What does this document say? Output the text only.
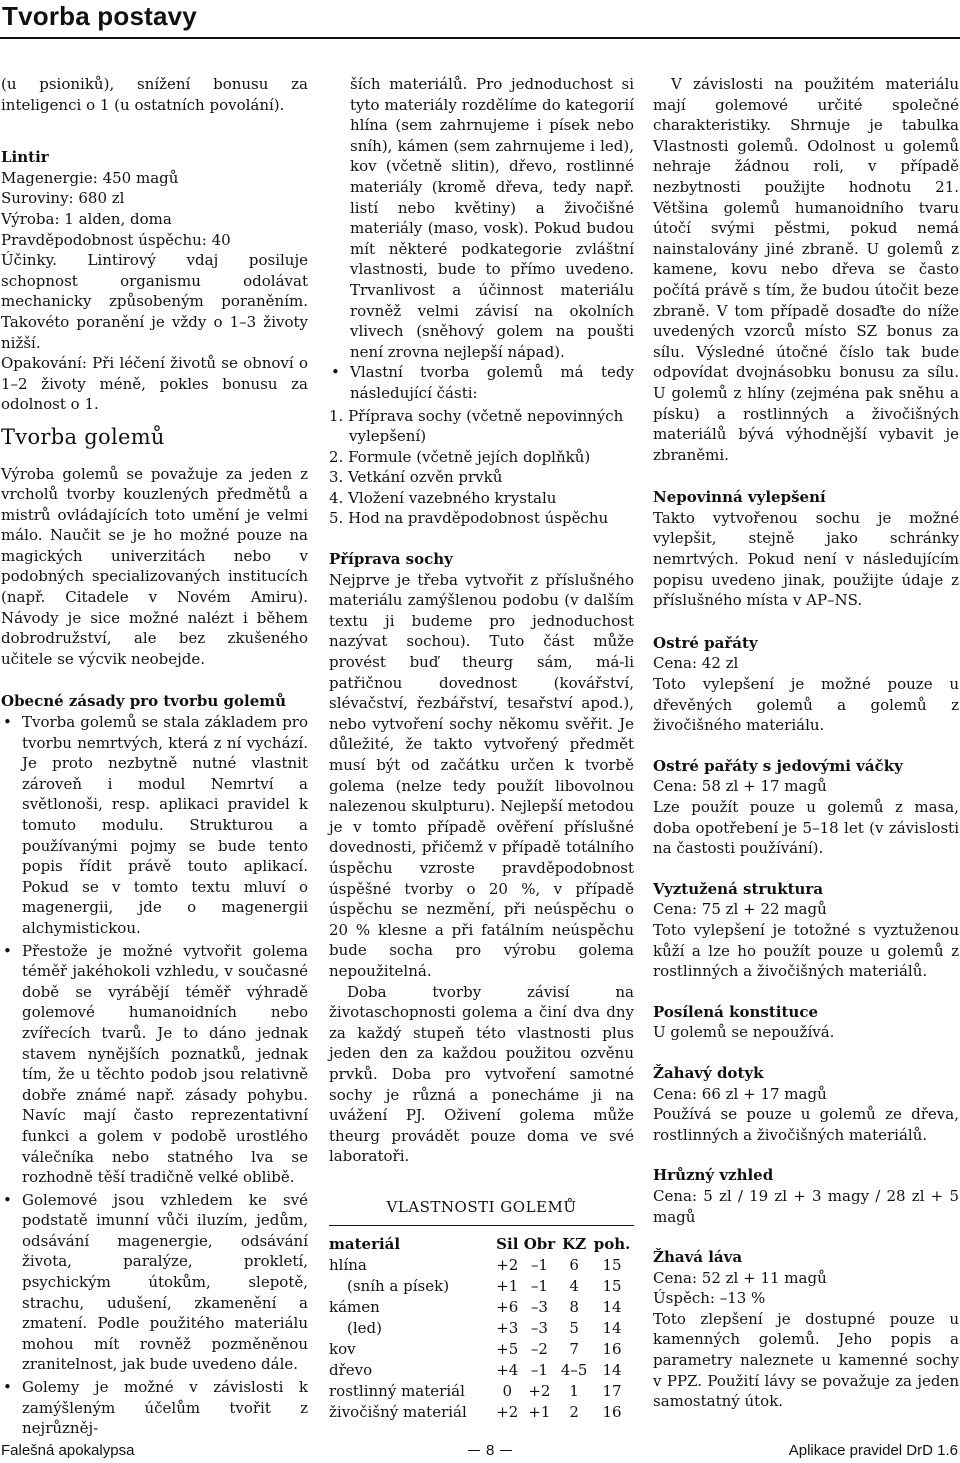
Tvorba postavy

(u psioniků), snížení bonusu za inteligenci o 1 (u ostatních povolání).

Lintir
Magenergie: 450 magů
Suroviny: 680 zl
Výroba: 1 alden, doma
Pravděpodobnost úspěchu: 40

Účinky. Lintirový vdaj posiluje schopnost organismu odolávat mechanicky způsobeným poraněním. Takovéto poranění je vždy o 1–3 životy nižší.

Opakování: Při léčení životů se obnoví o 1–2 životy méně, pokles bonusu za odolnost o 1.

Tvorba golemů

Výroba golemů se považuje za jeden z vrcholů tvorby kouzlených předmětů a mistrů ovládajících toto umění je velmi málo. Naučit se je ho možné pouze na magických univerzitách nebo v podobných specializovaných institucích (např. Citadele v Novém Amiru). Návody je sice možné nalézt i během dobrodružství, ale bez zkušeného učitele se výcvik neobejde.

Obecné zásady pro tvorbu golemů
• Tvorba golemů se stala základem pro tvorbu nemrtvých, která z ní vychází. Je proto nezbytně nutné vlastnit zároveň i modul Nemrtví a světlonoši, resp. aplikaci pravidel k tomuto modulu. Strukturou a používanými pojmy se bude tento popis řídit právě touto aplikací. Pokud se v tomto textu mluví o magenergii, jde o magenergii alchymistickou.
• Přestože je možné vytvořit golema téměř jakéhokoli vzhledu, v současné době se vyrábějí téměř výhradě golemové humanoidních nebo zvířecích tvarů. Je to dáno jednak stavem nynějších poznatků, jednak tím, že u těchto podob jsou relativně dobře známé např. zásady pohybu. Navíc mají často reprezentativní funkci a golem v podobě urostlého válečníka nebo statného lva se rozhodně těší tradičně velké oblibě.
• Golemové jsou vzhledem ke své podstatě imunní vůči iluzím, jedům, odsávání magenergie, odsávání života, paralýze, prokletí, psychickým útokům, slepotě, strachu, udušení, zkamenění a zmatení. Podle použitého materiálu mohou mít rovněž pozměněnou zranitelnost, jak bude uvedeno dále.
• Golemy je možné v závislosti k zamýšleným účelům tvořit z nejrůzněj-

ších materiálů. Pro jednoduchost si tyto materiály rozdělíme do kategorií hlína (sem zahrnujeme i písek nebo sníh), kámen (sem zahrnujeme i led), kov (včetně slitin), dřevo, rostlinné materiály (kromě dřeva, tedy např. listí nebo květiny) a živočišné materiály (maso, vosk). Pokud budou mít některé podkategorie zvláštní vlastnosti, bude to přímo uvedeno. Trvanlivost a účinnost materiálu rovněž velmi závisí na okolních vlivech (sněhový golem na poušti není zrovna nejlepší nápad).

• Vlastní tvorba golemů má tedy následující části:
1. Příprava sochy (včetně nepovinných vylepšení)
2. Formule (včetně jejích doplňků)
3. Vetkání ozvěn prvků
4. Vložení vazebného krystalu
5. Hod na pravděpodobnost úspěchu
Příprava sochy

Nejprve je třeba vytvořit z příslušného materiálu zamýšlenou podobu (v dalším textu ji budeme pro jednoduchost nazývat sochou). Tuto část může provést buď theurg sám, má-li patřičnou dovednost (kovářství, slévačství, řezbářství, tesařství apod.), nebo vytvoření sochy někomu svěřit. Je důležité, že takto vytvořený předmět musí být od začátku určen k tvorbě golema (nelze tedy použít libovolnou nalezenou skulpturu). Nejlepší metodou je v tomto případě ověření příslušné dovednosti, přičemž v případě totálního úspěchu vzroste pravděpodobnost úspěšné tvorby o 20 %, v případě úspěchu se nezmění, při neúspěchu o 20 % klesne a při fatálním neúspěchu bude socha pro výrobu golema nepoužitelná.

Doba tvorby závisí na životaschopnosti golema a činí dva dny za každý stupeň této vlastnosti plus jeden den za každou použitou ozvěnu prvků. Doba pro vytvoření samotné sochy je různá a ponecháme ji na uvážení PJ. Oživení golema může theurg provádět pouze doma ve své laboratoři.

VLASTNOSTI GOLEMŮ
materiál	Sil	Obr	KZ	poh.
hlína	+2	–1	6	15
(sníh a písek)	+1	–1	4	15
kámen	+6	–3	8	14
(led)	+3	–3	5	14
kov	+5	–2	7	16
dřevo	+4	–1	4–5	14
rostlinný materiál	0	+2	1	17
živočišný materiál	+2	+1	2	16

V závislosti na použitém materiálu mají golemové určité společné charakteristiky. Shrnuje je tabulka Vlastnosti golemů. Odolnost u golemů nehraje žádnou roli, v případě nezbytnosti použijte hodnotu 21. Většina golemů humanoidního tvaru útočí svými pěstmi, pokud nemá nainstalovány jiné zbraně. U golemů z kamene, kovu nebo dřeva se často počítá právě s tím, že budou útočit beze zbraně. V tom případě dosaďte do níže uvedených vzorců místo SZ bonus za sílu. Výsledné útočné číslo tak bude odpovídat dvojnásobku bonusu za sílu. U golemů z hlíny (zejména pak sněhu a písku) a rostlinných a živočišných materiálů bývá výhodnější vybavit je zbraněmi.

Nepovinná vylepšení

Takto vytvořenou sochu je možné vylepšit, stejně jako schránky nemrtvých. Pokud není v následujícím popisu uvedeno jinak, použijte údaje z příslušného místa v AP–NS.

Ostré pařáty
Cena: 42 zl

Toto vylepšení je možné pouze u dřevěných golemů a golemů z živočišného materiálu.

Ostré pařáty s jedovými váčky
Cena: 58 zl + 17 magů

Lze použít pouze u golemů z masa, doba opotřebení je 5–18 let (v závislosti na častosti používání).

Vyztužená struktura
Cena: 75 zl + 22 magů

Toto vylepšení je totožné s vyztuženou kůží a lze ho použít pouze u golemů z rostlinných a živočišných materiálů.

Posílená konstituce

U golemů se nepoužívá.

Žahavý dotyk
Cena: 66 zl + 17 magů

Používá se pouze u golemů ze dřeva, rostlinných a živočišných materiálů.

Hrůzný vzhled

Cena: 5 zl / 19 zl + 3 magy / 28 zl + 5 magů

Žhavá láva
Cena: 52 zl + 11 magů
Úspěch: –13 %

Toto zlepšení je dostupné pouze u kamenných golemů. Jeho popis a parametry naleznete u kamenné sochy v PPZ. Použití lávy se považuje za jeden samostatný útok.

Falešná apokalypsa	8	Aplikace pravidel DrD 1.6
